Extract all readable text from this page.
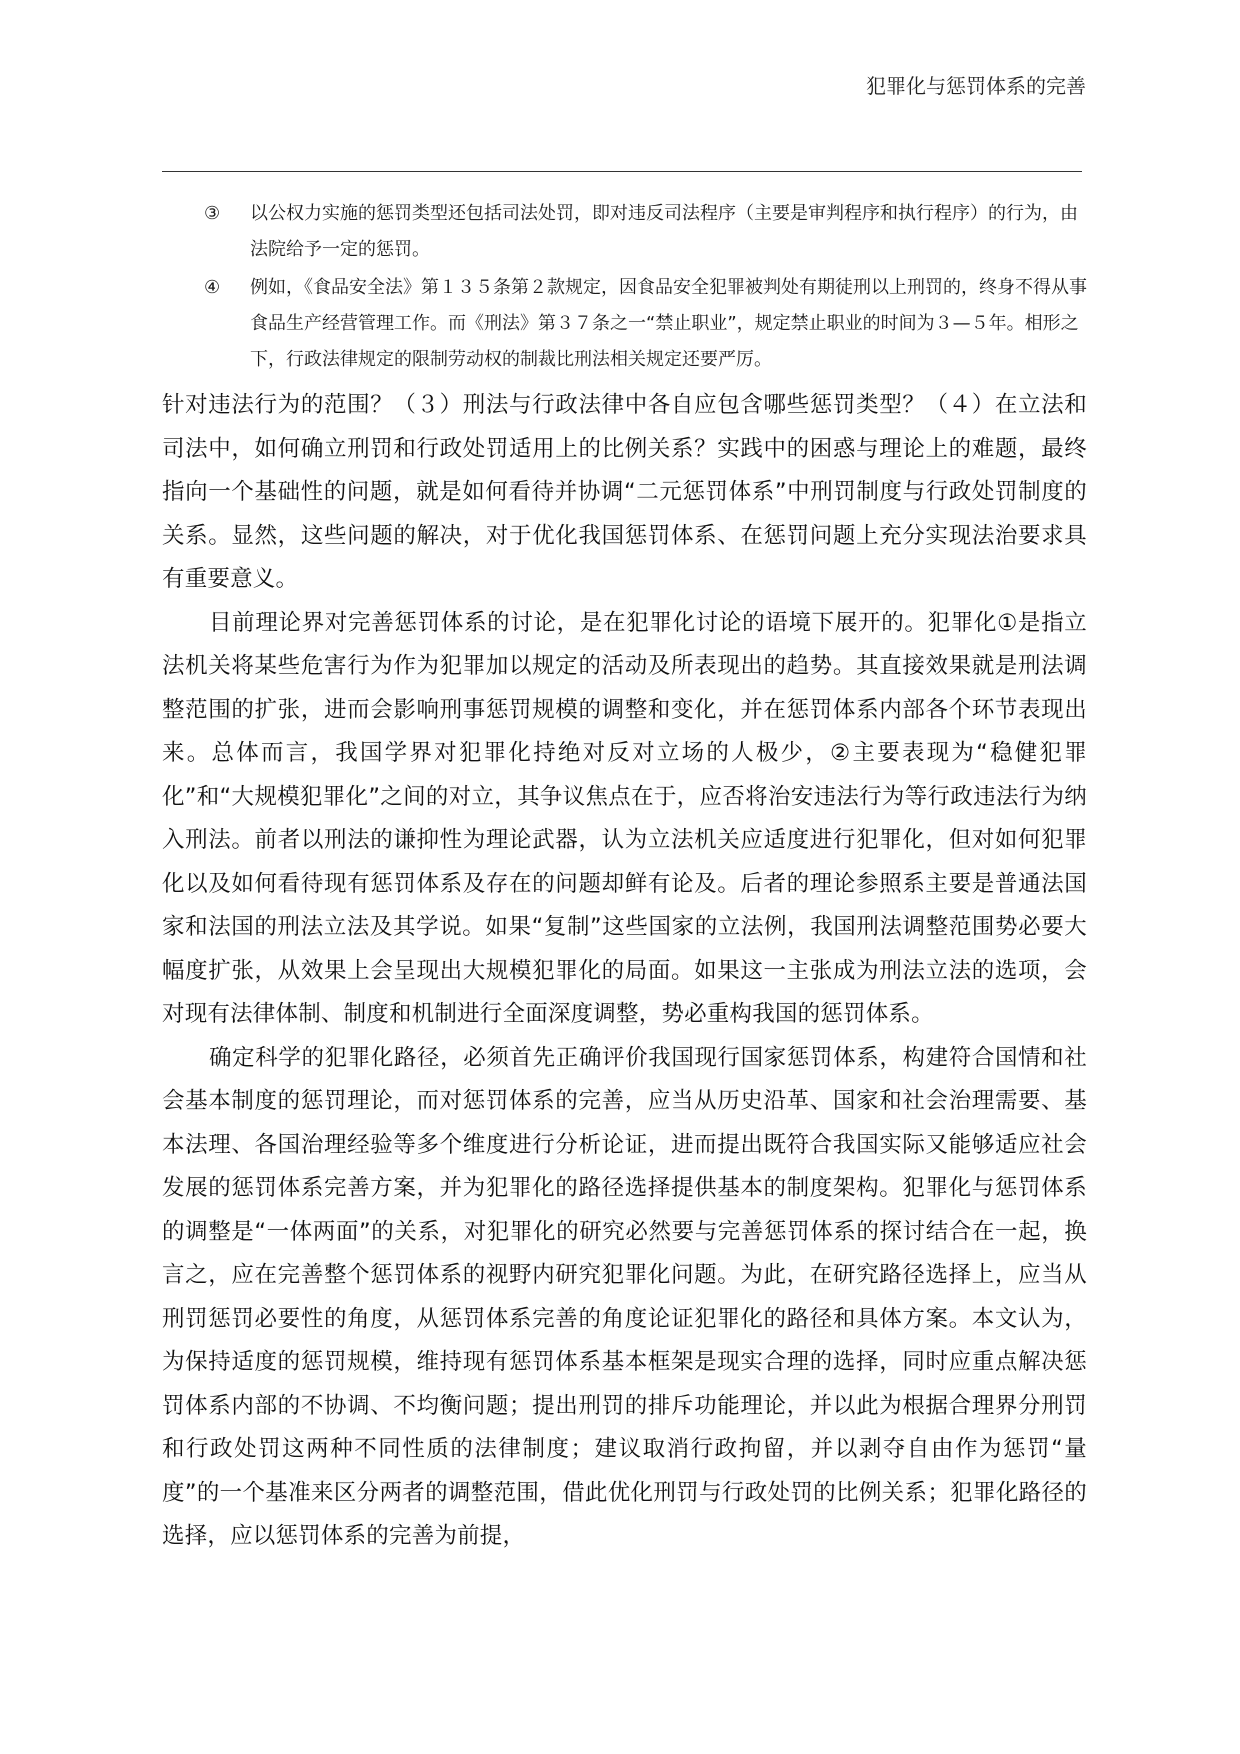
犯罪化与惩罚体系的完善
③ 以公权力实施的惩罚类型还包括司法处罚，即对违反司法程序（主要是审判程序和执行程序）的行为，由法院给予一定的惩罚。
④ 例如，《食品安全法》第１３５条第２款规定，因食品安全犯罪被判处有期徒刑以上刑罚的，终身不得从事食品生产经营管理工作。而《刑法》第３７条之一“禁止职业”，规定禁止职业的时间为３—５年。相形之下，行政法律规定的限制劳动权的制裁比刑法相关规定还要严厉。

针对违法行为的范围？（３）刑法与行政法律中各自应包含哪些惩罚类型？（４）在立法和司法中，如何确立刑罚和行政处罚适用上的比例关系？实践中的困惑与理论上的难题，最终指向一个基础性的问题，就是如何看待并协调“二元惩罚体系”中刑罚制度与行政处罚制度的关系。显然，这些问题的解决，对于优化我国惩罚体系、在惩罚问题上充分实现法治要求具有重要意义。

目前理论界对完善惩罚体系的讨论，是在犯罪化讨论的语境下展开的。犯罪化①是指立法机关将某些危害行为作为犯罪加以规定的活动及所表现出的趋势。其直接效果就是刑法调整范围的扩张，进而会影响刑事惩罚规模的调整和变化，并在惩罚体系内部各个环节表现出来。总体而言，我国学界对犯罪化持绝对反对立场的人极少，②主要表现为“稳健犯罪化”和“大规模犯罪化”之间的对立，其争议焦点在于，应否将治安违法行为等行政违法行为纳入刑法。前者以刑法的谦抑性为理论武器，认为立法机关应适度进行犯罪化，但对如何犯罪化以及如何看待现有惩罚体系及存在的问题却鲜有论及。后者的理论参照系主要是普通法国家和法国的刑法立法及其学说。如果“复制”这些国家的立法例，我国刑法调整范围势必要大幅度扩张，从效果上会呈现出大规模犯罪化的局面。如果这一主张成为刑法立法的选项，会对现有法律体制、制度和机制进行全面深度调整，势必重构我国的惩罚体系。

确定科学的犯罪化路径，必须首先正确评价我国现行国家惩罚体系，构建符合国情和社会基本制度的惩罚理论，而对惩罚体系的完善，应当从历史沿革、国家和社会治理需要、基本法理、各国治理经验等多个维度进行分析论证，进而提出既符合我国实际又能够适应社会发展的惩罚体系完善方案，并为犯罪化的路径选择提供基本的制度架构。犯罪化与惩罚体系的调整是“一体两面”的关系，对犯罪化的研究必然要与完善惩罚体系的探讨结合在一起，换言之，应在完善整个惩罚体系的视野内研究犯罪化问题。为此，在研究路径选择上，应当从刑罚惩罚必要性的角度，从惩罚体系完善的角度论证犯罪化的路径和具体方案。本文认为，为保持适度的惩罚规模，维持现有惩罚体系基本框架是现实合理的选择，同时应重点解决惩罚体系内部的不协调、不均衡问题；提出刑罚的排斥功能理论，并以此为根据合理界分刑罚和行政处罚这两种不同性质的法律制度；建议取消行政拘留，并以剥夺自由作为惩罚“量度”的一个基准来区分两者的调整范围，借此优化刑罚与行政处罚的比例关系；犯罪化路径的选择，应以惩罚体系的完善为前提，
